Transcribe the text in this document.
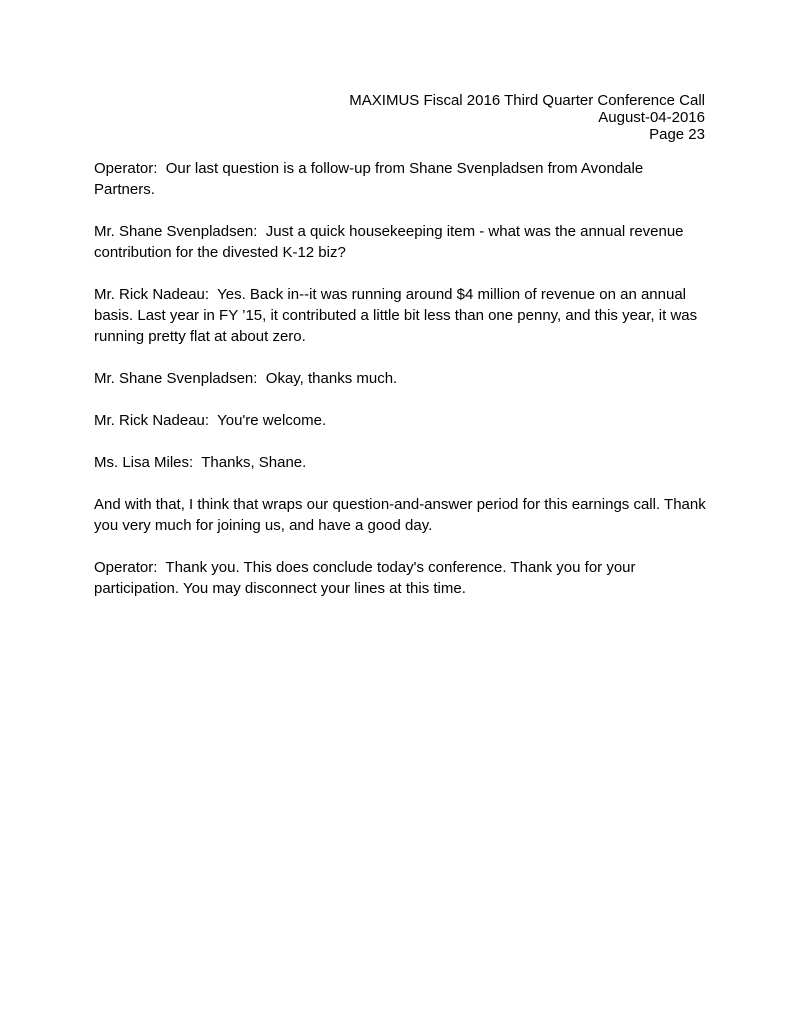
MAXIMUS Fiscal 2016 Third Quarter Conference Call
August-04-2016
Page 23

Operator:  Our last question is a follow-up from Shane Svenpladsen from Avondale Partners.

Mr. Shane Svenpladsen:  Just a quick housekeeping item - what was the annual revenue contribution for the divested K-12 biz?

Mr. Rick Nadeau:  Yes. Back in--it was running around $4 million of revenue on an annual basis. Last year in FY ’15, it contributed a little bit less than one penny, and this year, it was running pretty flat at about zero.

Mr. Shane Svenpladsen:  Okay, thanks much.

Mr. Rick Nadeau:  You're welcome.

Ms. Lisa Miles:  Thanks, Shane.

And with that, I think that wraps our question-and-answer period for this earnings call. Thank you very much for joining us, and have a good day.

Operator:  Thank you. This does conclude today's conference. Thank you for your participation. You may disconnect your lines at this time.
